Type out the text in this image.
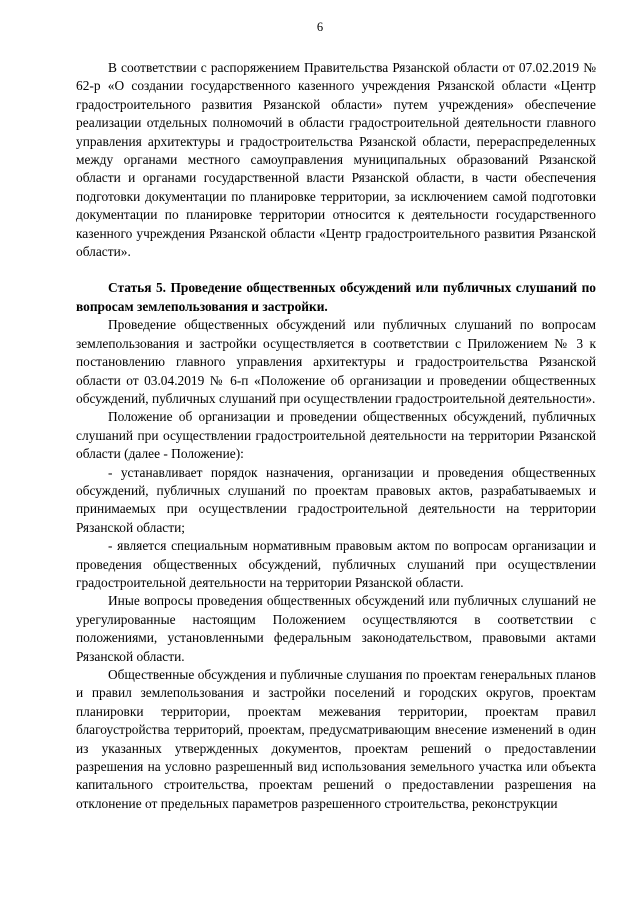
6

В соответствии с распоряжением Правительства Рязанской области от 07.02.2019 № 62-р «О создании государственного казенного учреждения Рязанской области «Центр градостроительного развития Рязанской области» путем учреждения» обеспечение реализации отдельных полномочий в области градостроительной деятельности главного управления архитектуры и градостроительства Рязанской области, перераспределенных между органами местного самоуправления муниципальных образований Рязанской области и органами государственной власти Рязанской области, в части обеспечения подготовки документации по планировке территории, за исключением самой подготовки документации по планировке территории относится к деятельности государственного казенного учреждения Рязанской области «Центр градостроительного развития Рязанской области».

Статья 5. Проведение общественных обсуждений или публичных слушаний по вопросам землепользования и застройки.

Проведение общественных обсуждений или публичных слушаний по вопросам землепользования и застройки осуществляется в соответствии с Приложением № 3 к постановлению главного управления архитектуры и градостроительства Рязанской области от 03.04.2019 № 6-п «Положение об организации и проведении общественных обсуждений, публичных слушаний при осуществлении градостроительной деятельности».

Положение об организации и проведении общественных обсуждений, публичных слушаний при осуществлении градостроительной деятельности на территории Рязанской области (далее - Положение):

- устанавливает порядок назначения, организации и проведения общественных обсуждений, публичных слушаний по проектам правовых актов, разрабатываемых и принимаемых при осуществлении градостроительной деятельности на территории Рязанской области;

- является специальным нормативным правовым актом по вопросам организации и проведения общественных обсуждений, публичных слушаний при осуществлении градостроительной деятельности на территории Рязанской области.

Иные вопросы проведения общественных обсуждений или публичных слушаний не урегулированные настоящим Положением осуществляются в соответствии с положениями, установленными федеральным законодательством, правовыми актами Рязанской области.

Общественные обсуждения и публичные слушания по проектам генеральных планов и правил землепользования и застройки поселений и городских округов, проектам планировки территории, проектам межевания территории, проектам правил благоустройства территорий, проектам, предусматривающим внесение изменений в один из указанных утвержденных документов, проектам решений о предоставлении разрешения на условно разрешенный вид использования земельного участка или объекта капитального строительства, проектам решений о предоставлении разрешения на отклонение от предельных параметров разрешенного строительства, реконструкции
